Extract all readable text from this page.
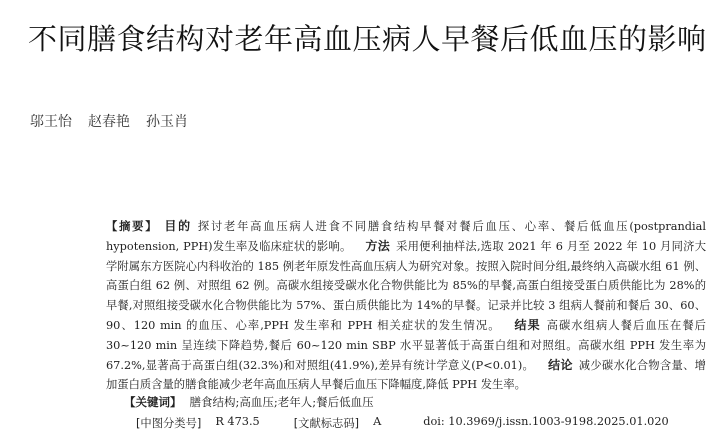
不同膳食结构对老年高血压病人早餐后低血压的影响
邬王怡 赵春艳 孙玉肖
【摘要】 目的 探讨老年高血压病人进食不同膳食结构早餐对餐后血压、心率、餐后低血压(postprandial hypotension, PPH)发生率及临床症状的影响。 方法 采用便利抽样法,选取 2021 年 6 月至 2022 年 10 月同济大学附属东方医院心内科收治的 185 例老年原发性高血压病人为研究对象。按照入院时间分组,最终纳入高碳水组 61 例、高蛋白组 62 例、对照组 62 例。高碳水组接受碳水化合物供能比为 85%的早餐,高蛋白组接受蛋白质供能比为 28%的早餐,对照组接受碳水化合物供能比为 57%、蛋白质供能比为 14%的早餐。记录并比较 3 组病人餐前和餐后 30、60、90、120 min 的血压、心率,PPH 发生率和 PPH 相关症状的发生情况。 结果 高碳水组病人餐后血压在餐后 30~120 min 呈连续下降趋势,餐后 60~120 min SBP 水平显著低于高蛋白组和对照组。高碳水组 PPH 发生率为 67.2%,显著高于高蛋白组(32.3%)和对照组(41.9%),差异有统计学意义(P<0.01)。 结论 减少碳水化合物含量、增加蛋白质含量的膳食能减少老年高血压病人早餐后血压下降幅度,降低 PPH 发生率。
【关键词】 膳食结构;高血压;老年人;餐后低血压
[中图分类号] R 473.5	[文献标志码] A	doi: 10.3969/j.issn.1003-9198.2025.01.020
